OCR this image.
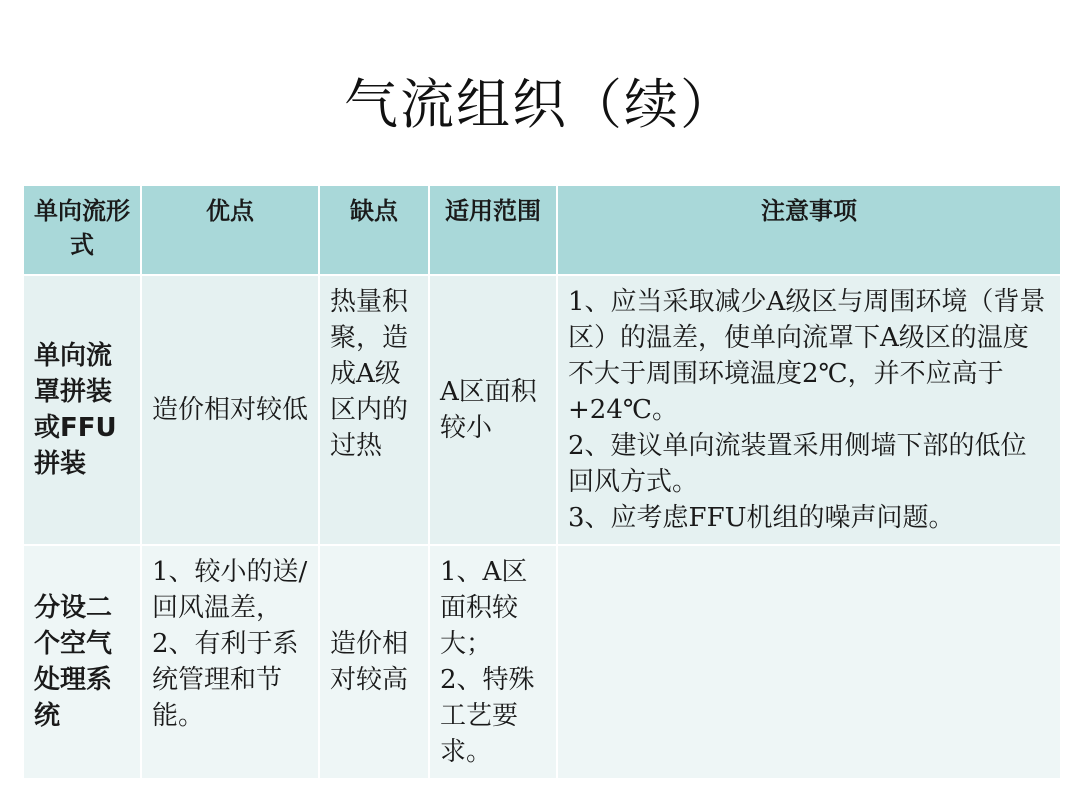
气流组织（续）
单向流形式	优点	缺点	适用范围	注意事项
单向流罩拼装或FFU拼装	造价相对较低	热量积聚，造成A级区内的过热	A区面积较小	1、应当采取减少A级区与周围环境（背景区）的温差，使单向流罩下A级区的温度不大于周围环境温度2℃，并不应高于+24℃。
2、建议单向流装置采用侧墙下部的低位回风方式。
3、应考虑FFU机组的噪声问题。

分设二个空气处理系统	1、较小的送/回风温差，2、有利于系统管理和节能。	造价相对较高	1、A区面积较大；
2、特殊工艺要求。	
